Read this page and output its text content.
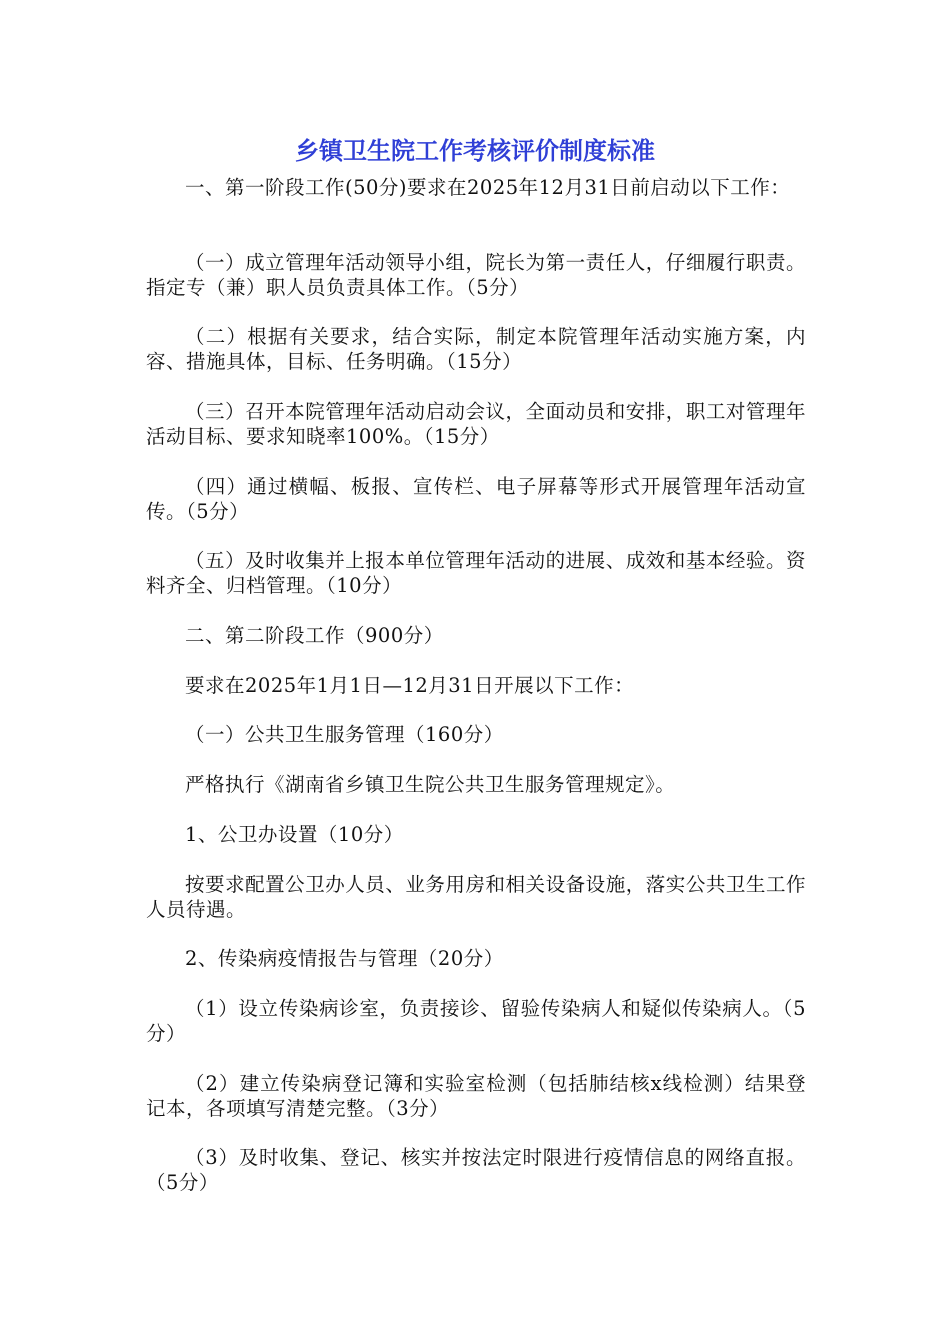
乡镇卫生院工作考核评价制度标准

一、第一阶段工作(50分)要求在2025年12月31日前启动以下工作：

（一）成立管理年活动领导小组，院长为第一责任人，仔细履行职责。指定专（兼）职人员负责具体工作。（5分）

（二）根据有关要求，结合实际，制定本院管理年活动实施方案，内容、措施具体，目标、任务明确。（15分）

（三）召开本院管理年活动启动会议，全面动员和安排，职工对管理年活动目标、要求知晓率100%。（15分）

（四）通过横幅、板报、宣传栏、电子屏幕等形式开展管理年活动宣传。（5分）

（五）及时收集并上报本单位管理年活动的进展、成效和基本经验。资料齐全、归档管理。（10分）

二、第二阶段工作（900分）

要求在2025年1月1日—12月31日开展以下工作：

（一）公共卫生服务管理（160分）

严格执行《湖南省乡镇卫生院公共卫生服务管理规定》。

1、公卫办设置（10分）

按要求配置公卫办人员、业务用房和相关设备设施，落实公共卫生工作人员待遇。

2、传染病疫情报告与管理（20分）

（1）设立传染病诊室，负责接诊、留验传染病人和疑似传染病人。（5分）

（2）建立传染病登记簿和实验室检测（包括肺结核x线检测）结果登记本，各项填写清楚完整。（3分）

（3）及时收集、登记、核实并按法定时限进行疫情信息的网络直报。（5分）
